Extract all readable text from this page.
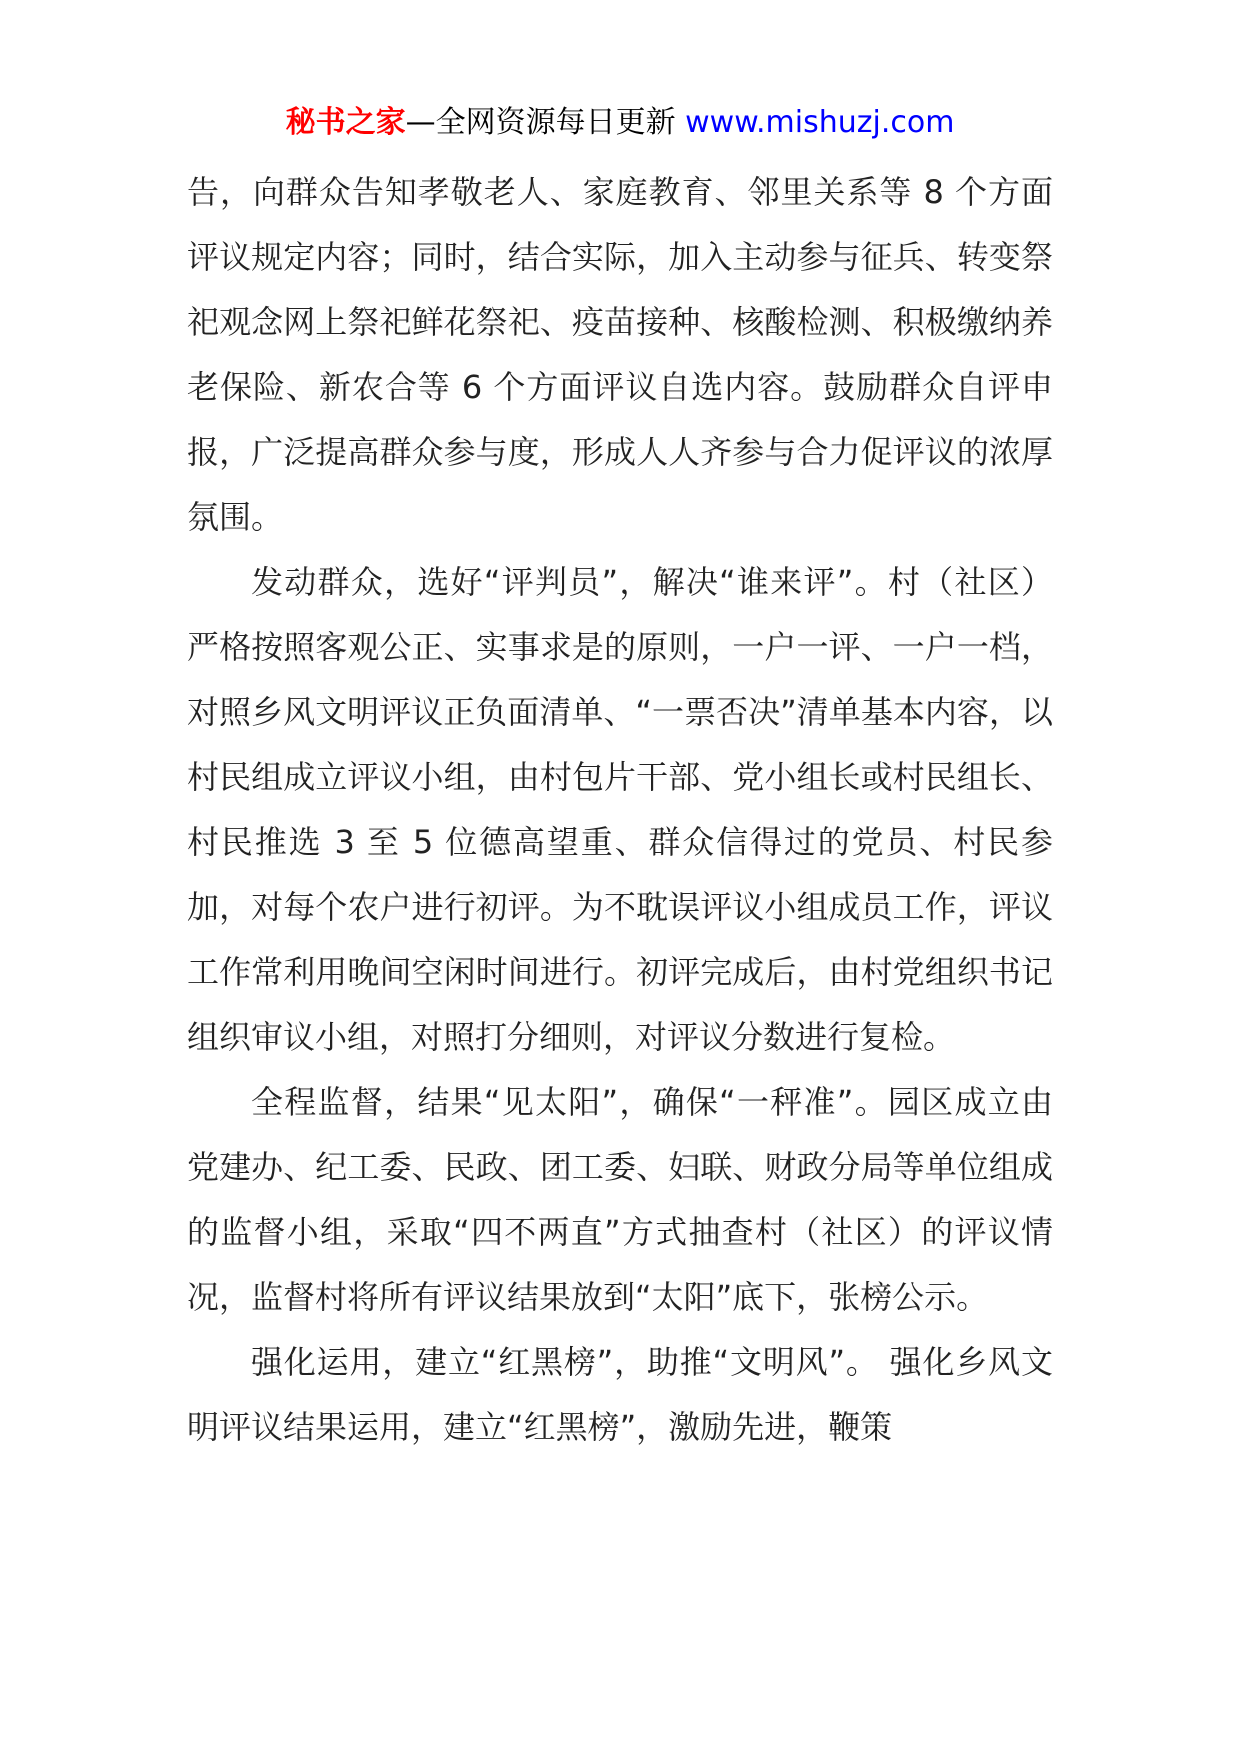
秘书之家—全网资源每日更新 www.mishuzj.com

告，向群众告知孝敬老人、家庭教育、邻里关系等 8 个方面评议规定内容；同时，结合实际，加入主动参与征兵、转变祭祀观念网上祭祀鲜花祭祀、疫苗接种、核酸检测、积极缴纳养老保险、新农合等 6 个方面评议自选内容。鼓励群众自评申报，广泛提高群众参与度，形成人人齐参与合力促评议的浓厚氛围。

发动群众，选好“评判员”，解决“谁来评”。村（社区）严格按照客观公正、实事求是的原则，一户一评、一户一档，对照乡风文明评议正负面清单、“一票否决”清单基本内容，以村民组成立评议小组，由村包片干部、党小组长或村民组长、村民推选 3 至 5 位德高望重、群众信得过的党员、村民参加，对每个农户进行初评。为不耽误评议小组成员工作，评议工作常利用晚间空闲时间进行。初评完成后，由村党组织书记组织审议小组，对照打分细则，对评议分数进行复检。

全程监督，结果“见太阳”，确保“一秤准”。园区成立由党建办、纪工委、民政、团工委、妇联、财政分局等单位组成的监督小组，采取“四不两直”方式抽查村（社区）的评议情况，监督村将所有评议结果放到“太阳”底下，张榜公示。

强化运用，建立“红黑榜”，助推“文明风”。 强化乡风文明评议结果运用，建立“红黑榜”，激励先进，鞭策
